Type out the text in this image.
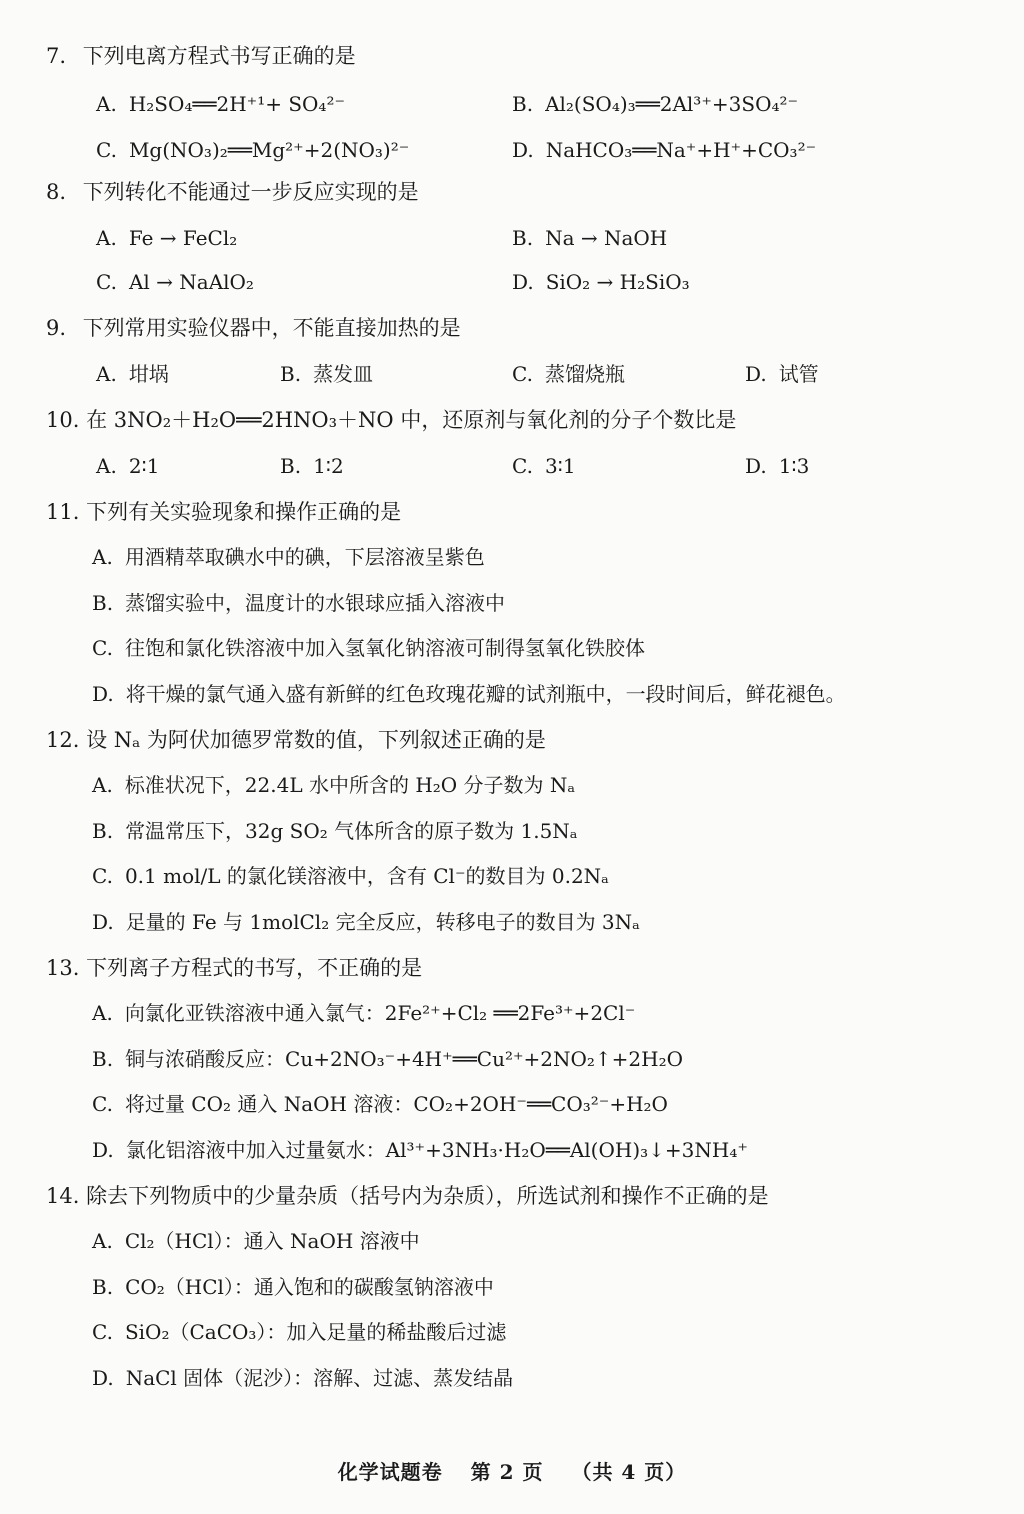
7. 下列电离方程式书写正确的是
A. H₂SO₄══2H⁺¹+ SO₄²⁻	B. Al₂(SO₄)₃══2Al³⁺+3SO₄²⁻
C. Mg(NO₃)₂══Mg²⁺+2(NO₃)²⁻	D. NaHCO₃══Na⁺+H⁺+CO₃²⁻
8. 下列转化不能通过一步反应实现的是
A. Fe → FeCl₂	B. Na → NaOH
C. Al → NaAlO₂	D. SiO₂ → H₂SiO₃
9. 下列常用实验仪器中，不能直接加热的是
A. 坩埚	B. 蒸发皿	C. 蒸馏烧瓶	D. 试管
10. 在 3NO₂＋H₂O══2HNO₃＋NO 中，还原剂与氧化剂的分子个数比是
A. 2∶1	B. 1∶2	C. 3∶1	D. 1∶3
11. 下列有关实验现象和操作正确的是
A. 用酒精萃取碘水中的碘，下层溶液呈紫色
B. 蒸馏实验中，温度计的水银球应插入溶液中
C. 往饱和氯化铁溶液中加入氢氧化钠溶液可制得氢氧化铁胶体
D. 将干燥的氯气通入盛有新鲜的红色玫瑰花瓣的试剂瓶中，一段时间后，鲜花褪色。
12. 设 Nₐ 为阿伏加德罗常数的值，下列叙述正确的是
A. 标准状况下，22.4L 水中所含的 H₂O 分子数为 Nₐ
B. 常温常压下，32g SO₂ 气体所含的原子数为 1.5Nₐ
C. 0.1 mol/L 的氯化镁溶液中，含有 Cl⁻的数目为 0.2Nₐ
D. 足量的 Fe 与 1molCl₂ 完全反应，转移电子的数目为 3Nₐ
13. 下列离子方程式的书写，不正确的是
A. 向氯化亚铁溶液中通入氯气：2Fe²⁺+Cl₂ ══2Fe³⁺+2Cl⁻
B. 铜与浓硝酸反应：Cu+2NO₃⁻+4H⁺══Cu²⁺+2NO₂↑+2H₂O
C. 将过量 CO₂ 通入 NaOH 溶液：CO₂+2OH⁻══CO₃²⁻+H₂O
D. 氯化铝溶液中加入过量氨水：Al³⁺+3NH₃·H₂O══Al(OH)₃↓+3NH₄⁺
14. 除去下列物质中的少量杂质（括号内为杂质），所选试剂和操作不正确的是
A. Cl₂（HCl）：通入 NaOH 溶液中
B. CO₂（HCl）：通入饱和的碳酸氢钠溶液中
C. SiO₂（CaCO₃）：加入足量的稀盐酸后过滤
D. NaCl 固体（泥沙）：溶解、过滤、蒸发结晶
化学试题卷 第 2 页 （共 4 页）
